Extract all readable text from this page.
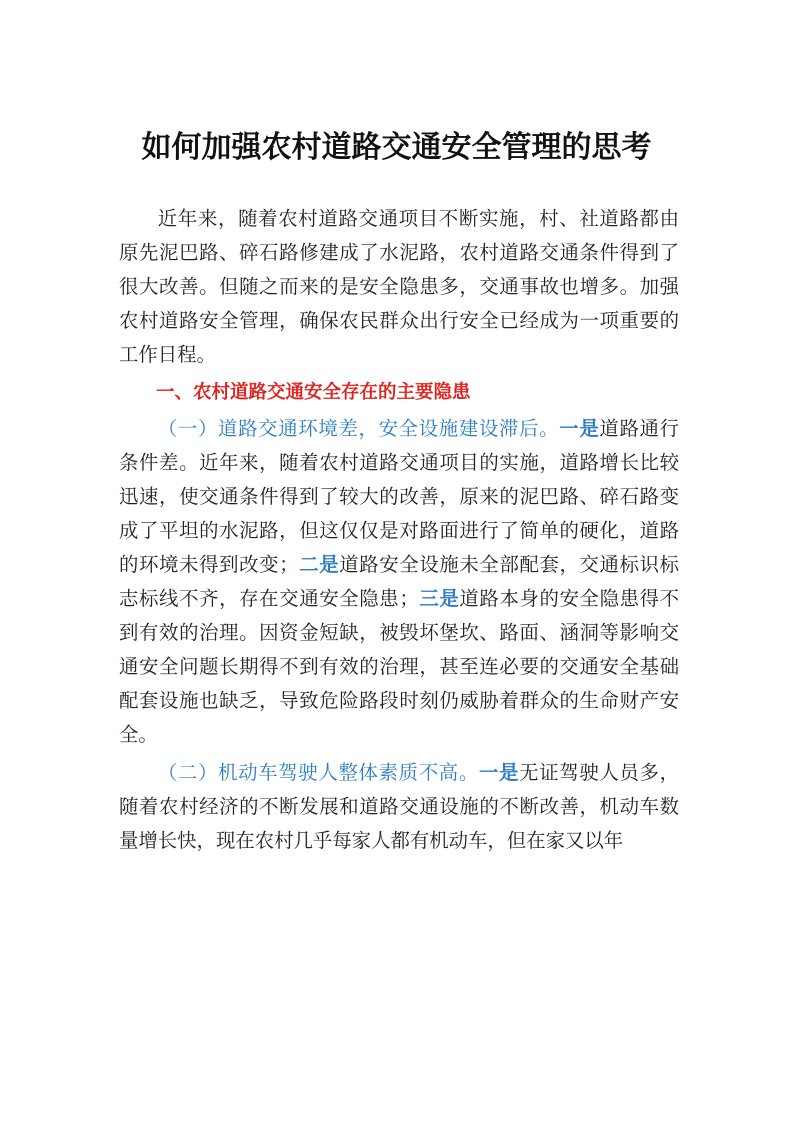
如何加强农村道路交通安全管理的思考

近年来，随着农村道路交通项目不断实施，村、社道路都由原先泥巴路、碎石路修建成了水泥路，农村道路交通条件得到了很大改善。但随之而来的是安全隐患多，交通事故也增多。加强农村道路安全管理，确保农民群众出行安全已经成为一项重要的工作日程。

一、农村道路交通安全存在的主要隐患

（一）道路交通环境差，安全设施建设滞后。一是道路通行条件差。近年来，随着农村道路交通项目的实施，道路增长比较迅速，使交通条件得到了较大的改善，原来的泥巴路、碎石路变成了平坦的水泥路，但这仅仅是对路面进行了简单的硬化，道路的环境未得到改变；二是道路安全设施未全部配套，交通标识标志标线不齐，存在交通安全隐患；三是道路本身的安全隐患得不到有效的治理。因资金短缺，被毁坏堡坎、路面、涵洞等影响交通安全问题长期得不到有效的治理，甚至连必要的交通安全基础配套设施也缺乏，导致危险路段时刻仍威胁着群众的生命财产安全。

（二）机动车驾驶人整体素质不高。一是无证驾驶人员多，随着农村经济的不断发展和道路交通设施的不断改善，机动车数量增长快，现在农村几乎每家人都有机动车，但在家又以年
